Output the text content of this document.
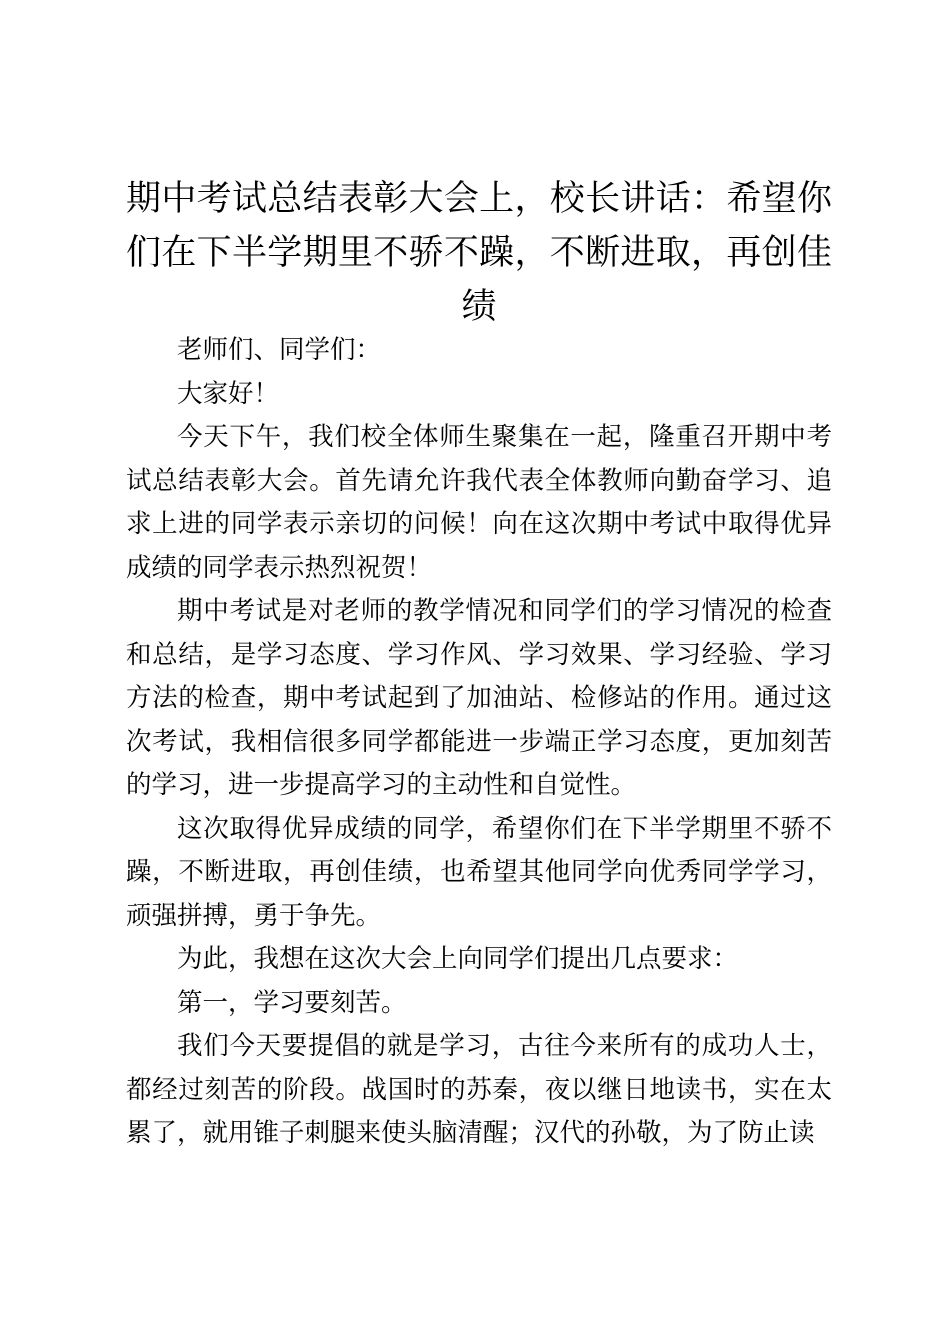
期中考试总结表彰大会上，校长讲话：希望你们在下半学期里不骄不躁，不断进取，再创佳绩

老师们、同学们：

大家好！

今天下午，我们校全体师生聚集在一起，隆重召开期中考试总结表彰大会。首先请允许我代表全体教师向勤奋学习、追求上进的同学表示亲切的问候！向在这次期中考试中取得优异成绩的同学表示热烈祝贺！

期中考试是对老师的教学情况和同学们的学习情况的检查和总结，是学习态度、学习作风、学习效果、学习经验、学习方法的检查，期中考试起到了加油站、检修站的作用。通过这次考试，我相信很多同学都能进一步端正学习态度，更加刻苦的学习，进一步提高学习的主动性和自觉性。

这次取得优异成绩的同学，希望你们在下半学期里不骄不躁，不断进取，再创佳绩，也希望其他同学向优秀同学学习，顽强拼搏，勇于争先。

为此，我想在这次大会上向同学们提出几点要求：

第一，学习要刻苦。

我们今天要提倡的就是学习，古往今来所有的成功人士，都经过刻苦的阶段。战国时的苏秦，夜以继日地读书，实在太累了，就用锥子刺腿来使头脑清醒；汉代的孙敬，为了防止读
